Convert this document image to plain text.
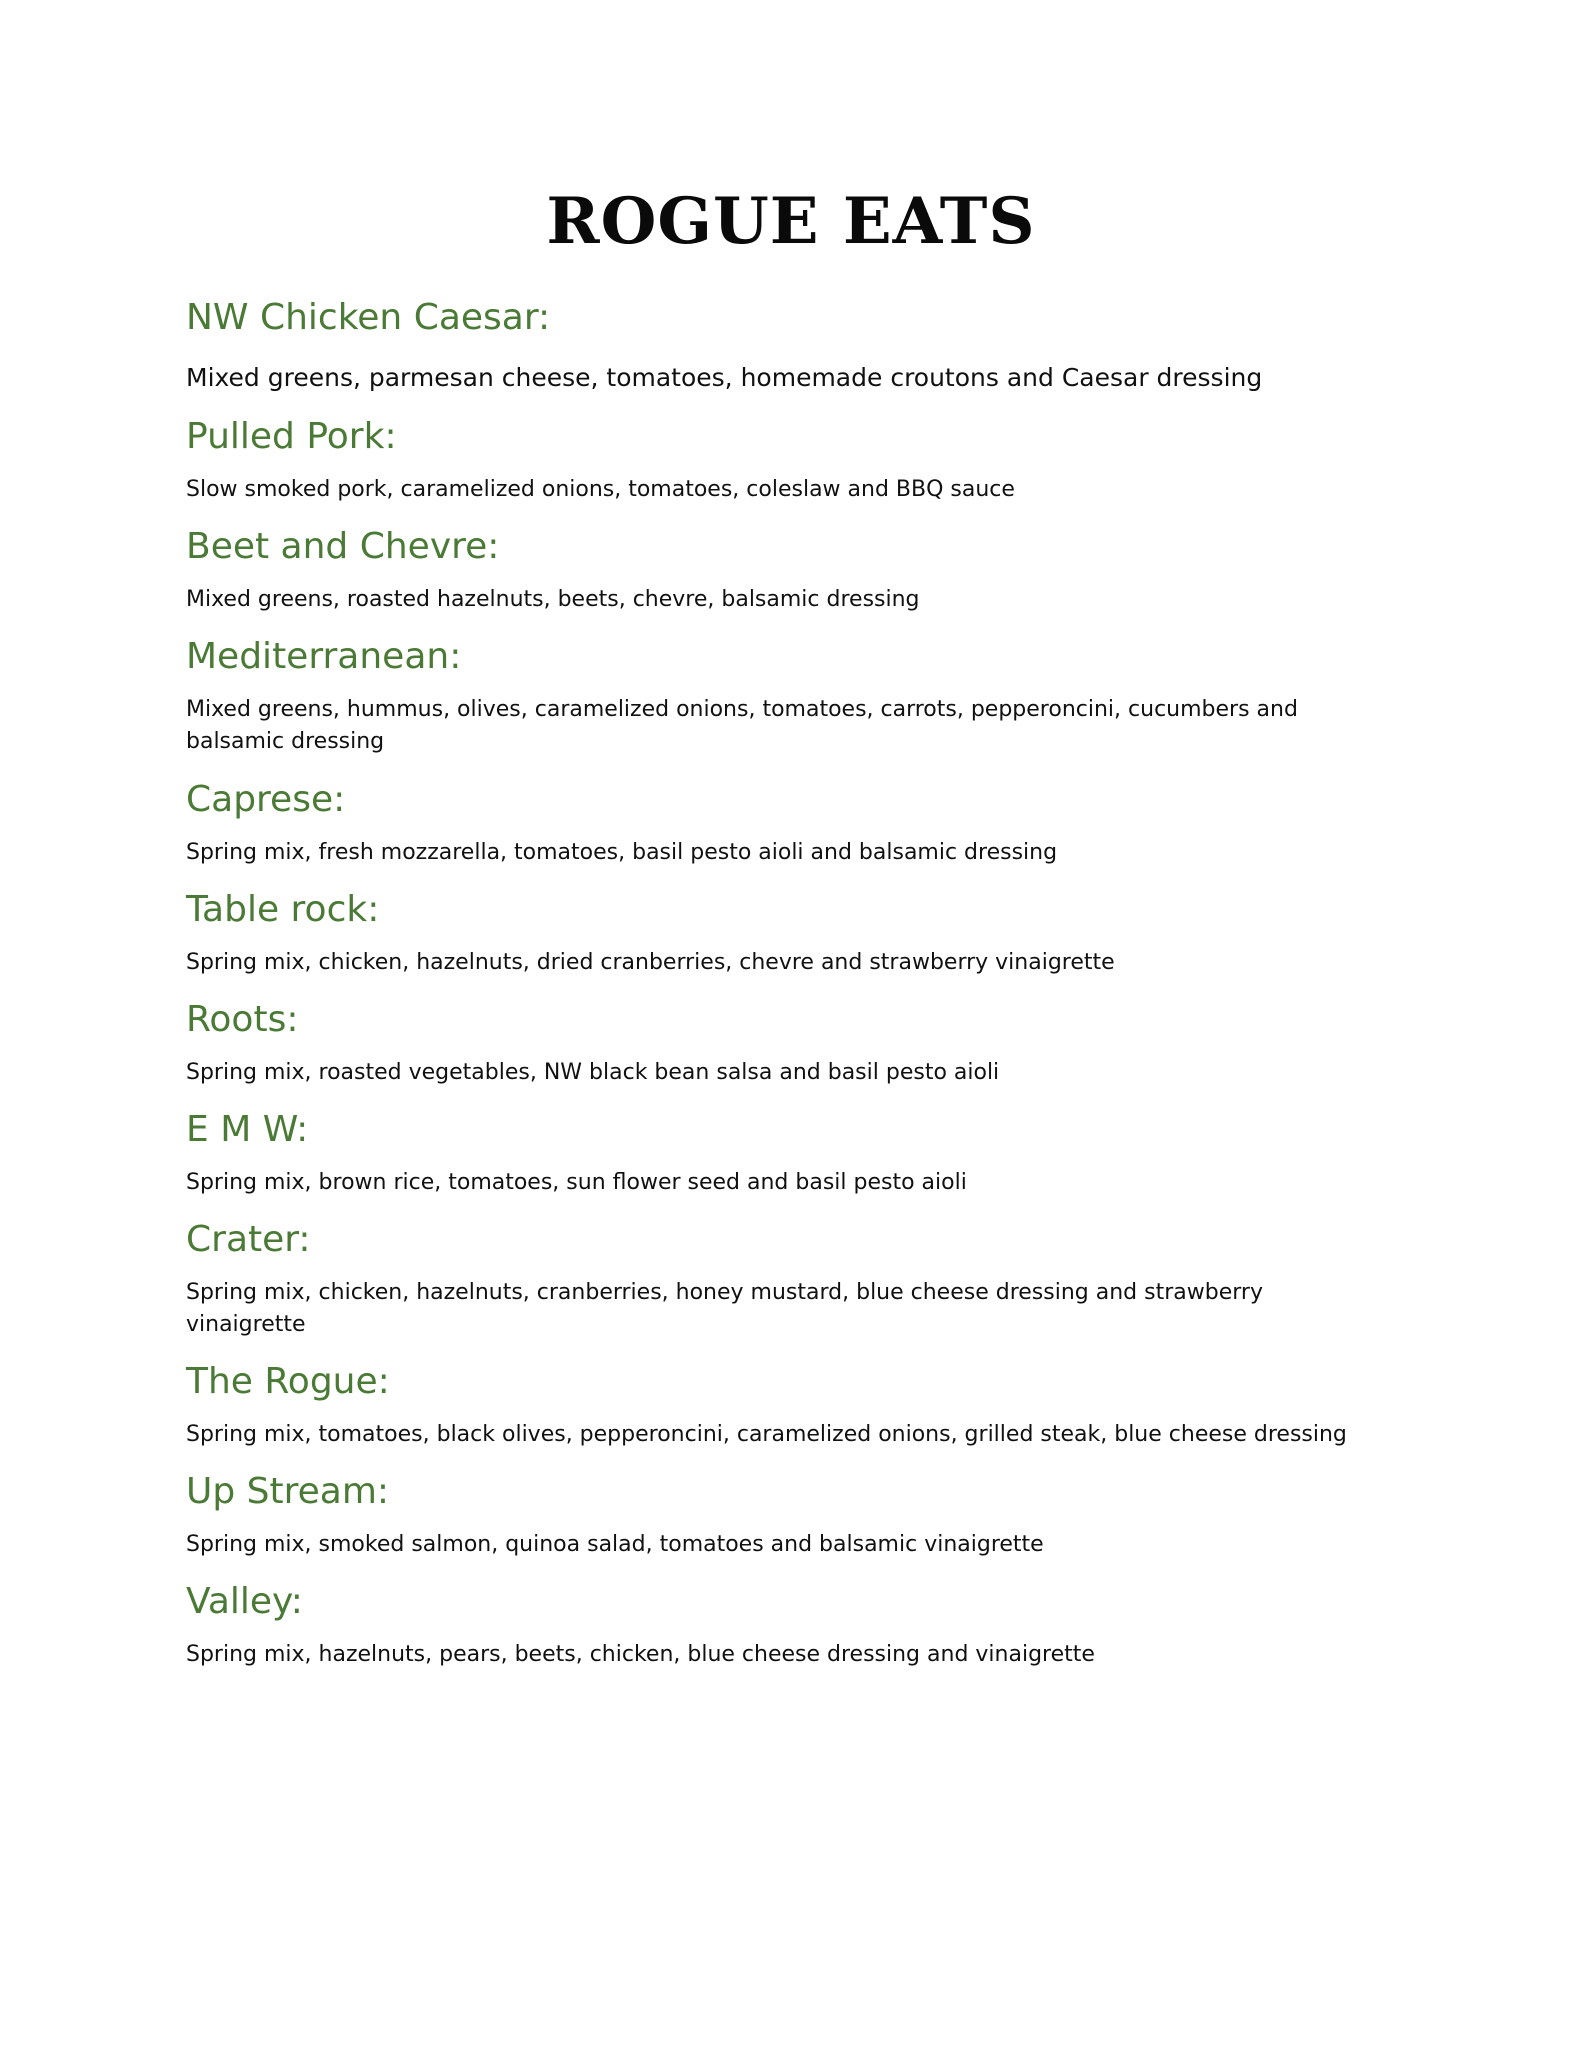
ROGUE EATS
NW Chicken Caesar:

Mixed greens, parmesan cheese, tomatoes, homemade croutons and Caesar dressing

Pulled Pork:

Slow smoked pork, caramelized onions, tomatoes, coleslaw and BBQ sauce

Beet and Chevre:

Mixed greens, roasted hazelnuts, beets, chevre, balsamic dressing

Mediterranean:

Mixed greens, hummus, olives, caramelized onions, tomatoes, carrots, pepperoncini, cucumbers and balsamic dressing

Caprese:

Spring mix, fresh mozzarella, tomatoes, basil pesto aioli and balsamic dressing

Table rock:

Spring mix, chicken, hazelnuts, dried cranberries, chevre and strawberry vinaigrette

Roots:

Spring mix, roasted vegetables, NW black bean salsa and basil pesto aioli

E M W:

Spring mix, brown rice, tomatoes, sun flower seed and basil pesto aioli

Crater:

Spring mix, chicken, hazelnuts, cranberries, honey mustard, blue cheese dressing and strawberry vinaigrette

The Rogue:

Spring mix, tomatoes, black olives, pepperoncini, caramelized onions, grilled steak, blue cheese dressing

Up Stream:

Spring mix, smoked salmon, quinoa salad, tomatoes and balsamic vinaigrette

Valley:

Spring mix, hazelnuts, pears, beets, chicken, blue cheese dressing and vinaigrette
